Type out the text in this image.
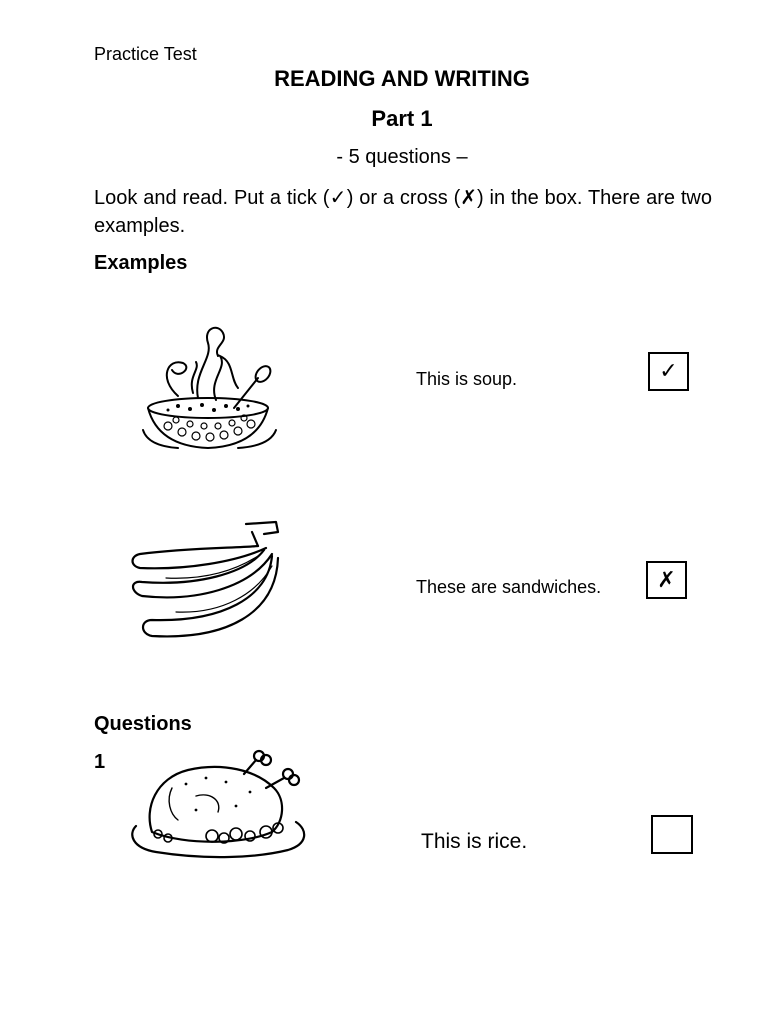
Practice Test
READING AND WRITING
Part 1
- 5 questions –
Look and read. Put a tick (✓) or a cross (✗) in the box. There are two examples.
Examples
This is soup.	✓
These are sandwiches.	✗
Questions
1
This is rice.
